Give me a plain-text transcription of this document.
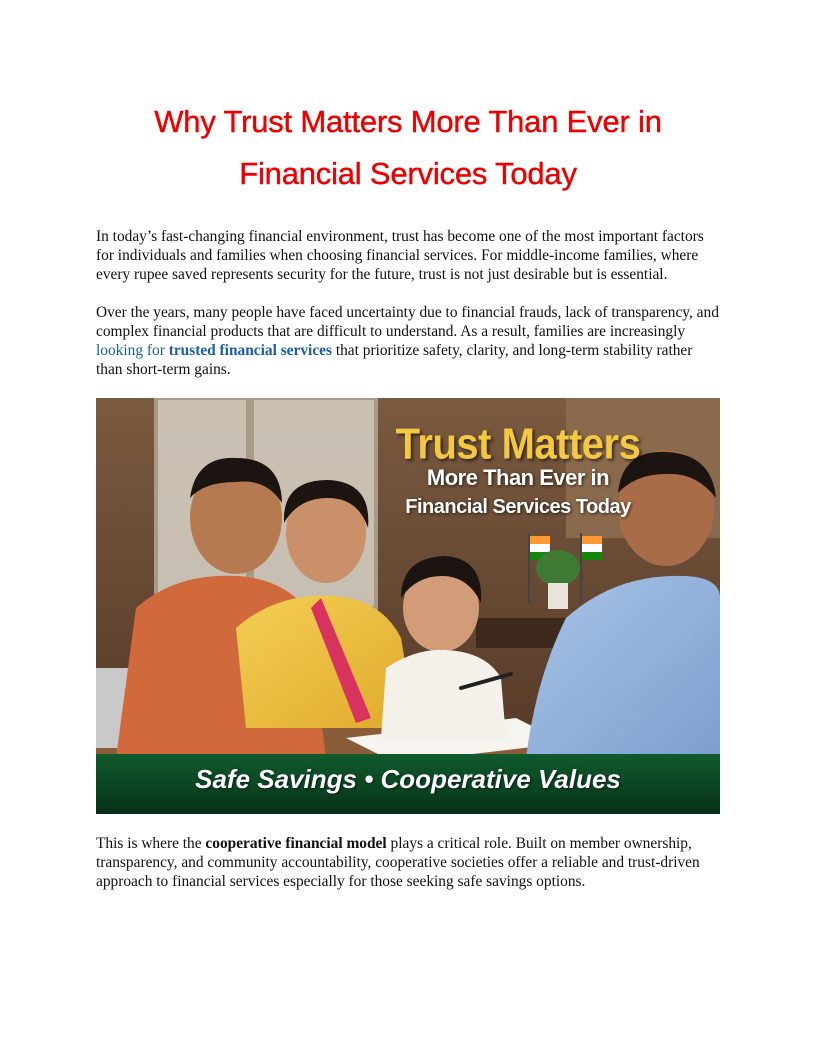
Why Trust Matters More Than Ever in
Financial Services Today

In today’s fast-changing financial environment, trust has become one of the most important factors for individuals and families when choosing financial services. For middle-income families, where every rupee saved represents security for the future, trust is not just desirable but is essential.

Over the years, many people have faced uncertainty due to financial frauds, lack of transparency, and complex financial products that are difficult to understand. As a result, families are increasingly looking for trusted financial services that prioritize safety, clarity, and long-term stability rather than short-term gains.

Trust Matters

More Than Ever in

Financial Services Today

Safe Savings • Cooperative Values

This is where the cooperative financial model plays a critical role. Built on member ownership, transparency, and community accountability, cooperative societies offer a reliable and trust-driven approach to financial services especially for those seeking safe savings options.
